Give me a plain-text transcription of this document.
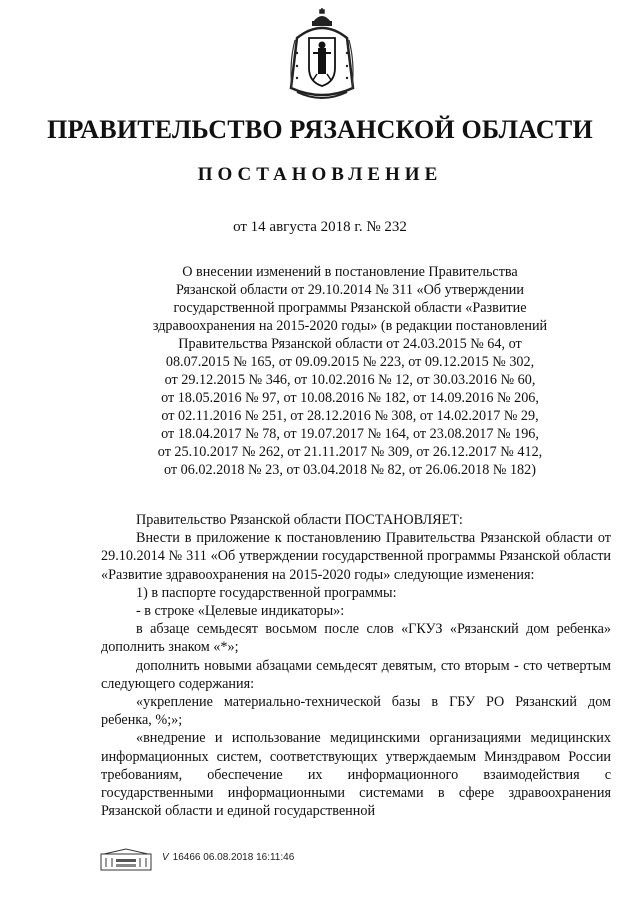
ПРАВИТЕЛЬСТВО РЯЗАНСКОЙ ОБЛАСТИ
ПОСТАНОВЛЕНИЕ
от 14 августа 2018 г. № 232
О внесении изменений в постановление Правительства
Рязанской области от 29.10.2014 № 311 «Об утверждении
государственной программы Рязанской области «Развитие
здравоохранения на 2015-2020 годы» (в редакции постановлений
Правительства Рязанской области от 24.03.2015 № 64, от
08.07.2015 № 165, от 09.09.2015 № 223, от 09.12.2015 № 302,
от 29.12.2015 № 346, от 10.02.2016 № 12, от 30.03.2016 № 60,
от 18.05.2016 № 97, от 10.08.2016 № 182, от 14.09.2016 № 206,
от 02.11.2016 № 251, от 28.12.2016 № 308, от 14.02.2017 № 29,
от 18.04.2017 № 78, от 19.07.2017 № 164, от 23.08.2017 № 196,
от 25.10.2017 № 262, от 21.11.2017 № 309, от 26.12.2017 № 412,
от 06.02.2018 № 23, от 03.04.2018 № 82, от 26.06.2018 № 182)

Правительство Рязанской области ПОСТАНОВЛЯЕТ:

Внести в приложение к постановлению Правительства Рязанской области от 29.10.2014 № 311 «Об утверждении государственной программы Рязанской области «Развитие здравоохранения на 2015-2020 годы» следующие изменения:

1) в паспорте государственной программы:

- в строке «Целевые индикаторы»:

в абзаце семьдесят восьмом после слов «ГКУЗ «Рязанский дом ребенка» дополнить знаком «*»;

дополнить новыми абзацами семьдесят девятым, сто вторым - сто четвертым следующего содержания:

«укрепление материально-технической базы в ГБУ РО Рязанский дом ребенка, %;»;

«внедрение и использование медицинскими организациями медицинских информационных систем, соответствующих утверждаемым Минздравом России требованиям, обеспечение их информационного взаимодействия с государственными информационными системами в сфере здравоохранения Рязанской области и единой государственной

V 16466 06.08.2018 16:11:46
